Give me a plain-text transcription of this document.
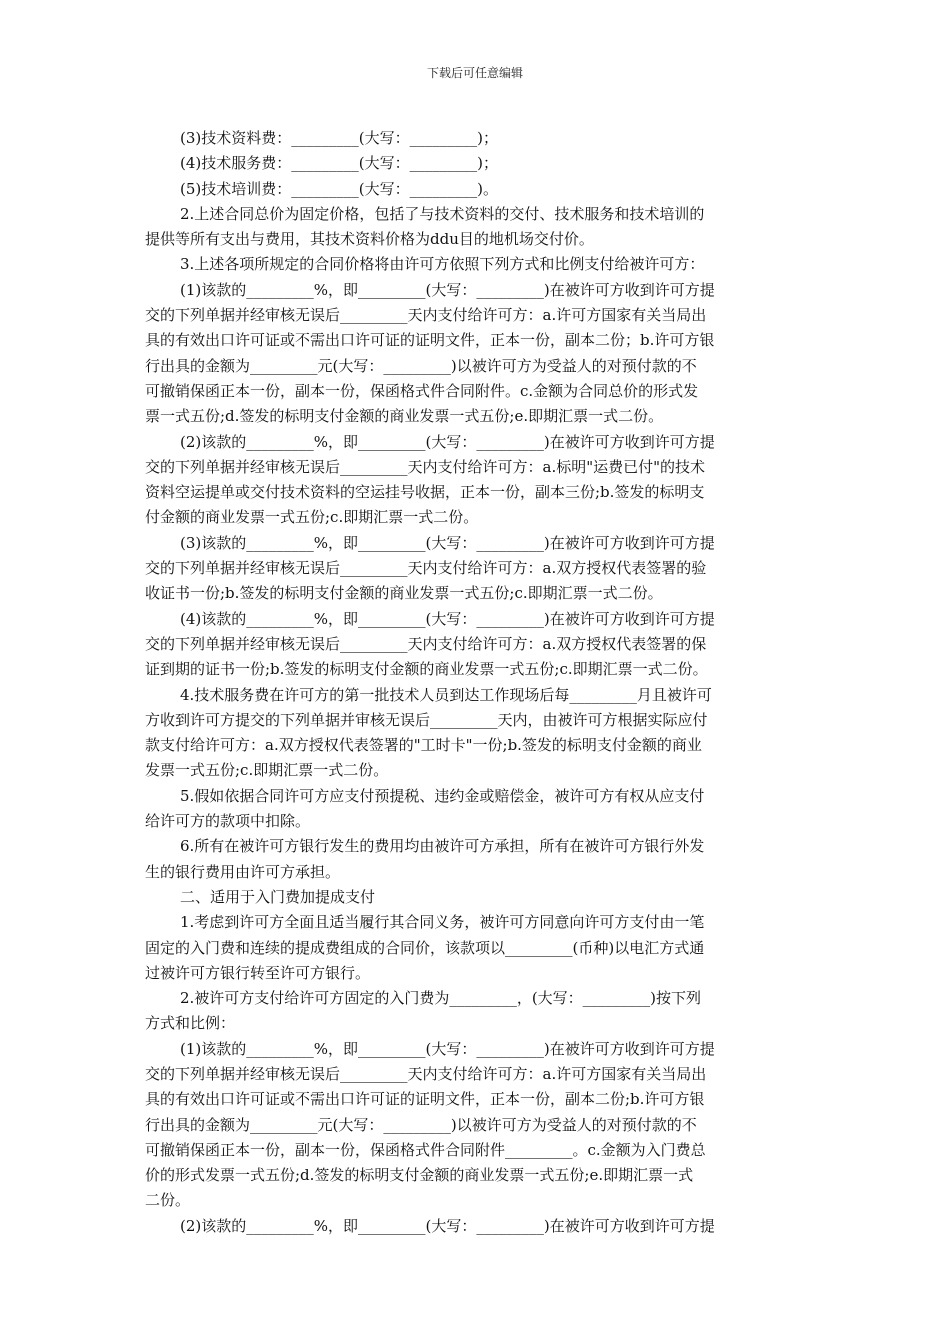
下载后可任意编辑
(3)技术资料费：_________(大写：_________)；
(4)技术服务费：_________(大写：_________)；
(5)技术培训费：_________(大写：_________)。
2.上述合同总价为固定价格，包括了与技术资料的交付、技术服务和技术培训的
提供等所有支出与费用，其技术资料价格为ddu目的地机场交付价。
3.上述各项所规定的合同价格将由许可方依照下列方式和比例支付给被许可方：
(1)该款的_________%，即_________(大写：_________)在被许可方收到许可方提
交的下列单据并经审核无误后_________天内支付给许可方：a.许可方国家有关当局出
具的有效出口许可证或不需出口许可证的证明文件，正本一份，副本二份；b.许可方银
行出具的金额为_________元(大写：_________)以被许可方为受益人的对预付款的不
可撤销保函正本一份，副本一份，保函格式件合同附件。c.金额为合同总价的形式发
票一式五份;d.签发的标明支付金额的商业发票一式五份;e.即期汇票一式二份。
(2)该款的_________%，即_________(大写：_________)在被许可方收到许可方提
交的下列单据并经审核无误后_________天内支付给许可方：a.标明"运费已付"的技术
资料空运提单或交付技术资料的空运挂号收据，正本一份，副本三份;b.签发的标明支
付金额的商业发票一式五份;c.即期汇票一式二份。
(3)该款的_________%，即_________(大写：_________)在被许可方收到许可方提
交的下列单据并经审核无误后_________天内支付给许可方：a.双方授权代表签署的验
收证书一份;b.签发的标明支付金额的商业发票一式五份;c.即期汇票一式二份。
(4)该款的_________%，即_________(大写：_________)在被许可方收到许可方提
交的下列单据并经审核无误后_________天内支付给许可方：a.双方授权代表签署的保
证到期的证书一份;b.签发的标明支付金额的商业发票一式五份;c.即期汇票一式二份。
4.技术服务费在许可方的第一批技术人员到达工作现场后每_________月且被许可
方收到许可方提交的下列单据并审核无误后_________天内，由被许可方根据实际应付
款支付给许可方：a.双方授权代表签署的"工时卡"一份;b.签发的标明支付金额的商业
发票一式五份;c.即期汇票一式二份。
5.假如依据合同许可方应支付预提税、违约金或赔偿金，被许可方有权从应支付
给许可方的款项中扣除。
6.所有在被许可方银行发生的费用均由被许可方承担，所有在被许可方银行外发
生的银行费用由许可方承担。
二、适用于入门费加提成支付
1.考虑到许可方全面且适当履行其合同义务，被许可方同意向许可方支付由一笔
固定的入门费和连续的提成费组成的合同价，该款项以_________(币种)以电汇方式通
过被许可方银行转至许可方银行。
2.被许可方支付给许可方固定的入门费为_________，(大写：_________)按下列
方式和比例：
(1)该款的_________%，即_________(大写：_________)在被许可方收到许可方提
交的下列单据并经审核无误后_________天内支付给许可方：a.许可方国家有关当局出
具的有效出口许可证或不需出口许可证的证明文件，正本一份，副本二份;b.许可方银
行出具的金额为_________元(大写：_________)以被许可方为受益人的对预付款的不
可撤销保函正本一份，副本一份，保函格式件合同附件_________。c.金额为入门费总
价的形式发票一式五份;d.签发的标明支付金额的商业发票一式五份;e.即期汇票一式
二份。
(2)该款的_________%，即_________(大写：_________)在被许可方收到许可方提
